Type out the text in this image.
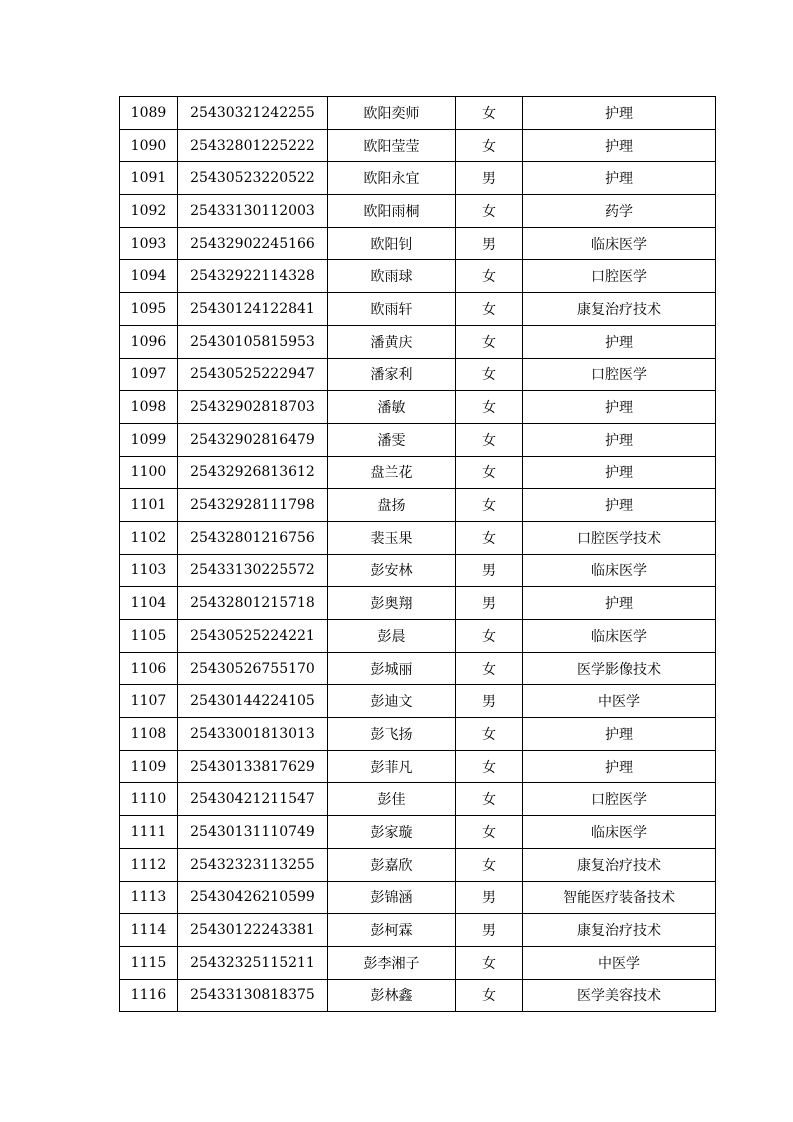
1089	25430321242255	欧阳奕师	女	护理
1090	25432801225222	欧阳莹莹	女	护理
1091	25430523220522	欧阳永宜	男	护理
1092	25433130112003	欧阳雨桐	女	药学
1093	25432902245166	欧阳钊	男	临床医学
1094	25432922114328	欧雨球	女	口腔医学
1095	25430124122841	欧雨轩	女	康复治疗技术
1096	25430105815953	潘黄庆	女	护理
1097	25430525222947	潘家利	女	口腔医学
1098	25432902818703	潘敏	女	护理
1099	25432902816479	潘雯	女	护理
1100	25432926813612	盘兰花	女	护理
1101	25432928111798	盘扬	女	护理
1102	25432801216756	裴玉果	女	口腔医学技术
1103	25433130225572	彭安林	男	临床医学
1104	25432801215718	彭奥翔	男	护理
1105	25430525224221	彭晨	女	临床医学
1106	25430526755170	彭城丽	女	医学影像技术
1107	25430144224105	彭迪文	男	中医学
1108	25433001813013	彭飞扬	女	护理
1109	25430133817629	彭菲凡	女	护理
1110	25430421211547	彭佳	女	口腔医学
1111	25430131110749	彭家璇	女	临床医学
1112	25432323113255	彭嘉欣	女	康复治疗技术
1113	25430426210599	彭锦涵	男	智能医疗装备技术
1114	25430122243381	彭柯霖	男	康复治疗技术
1115	25432325115211	彭李湘子	女	中医学
1116	25433130818375	彭林鑫	女	医学美容技术
